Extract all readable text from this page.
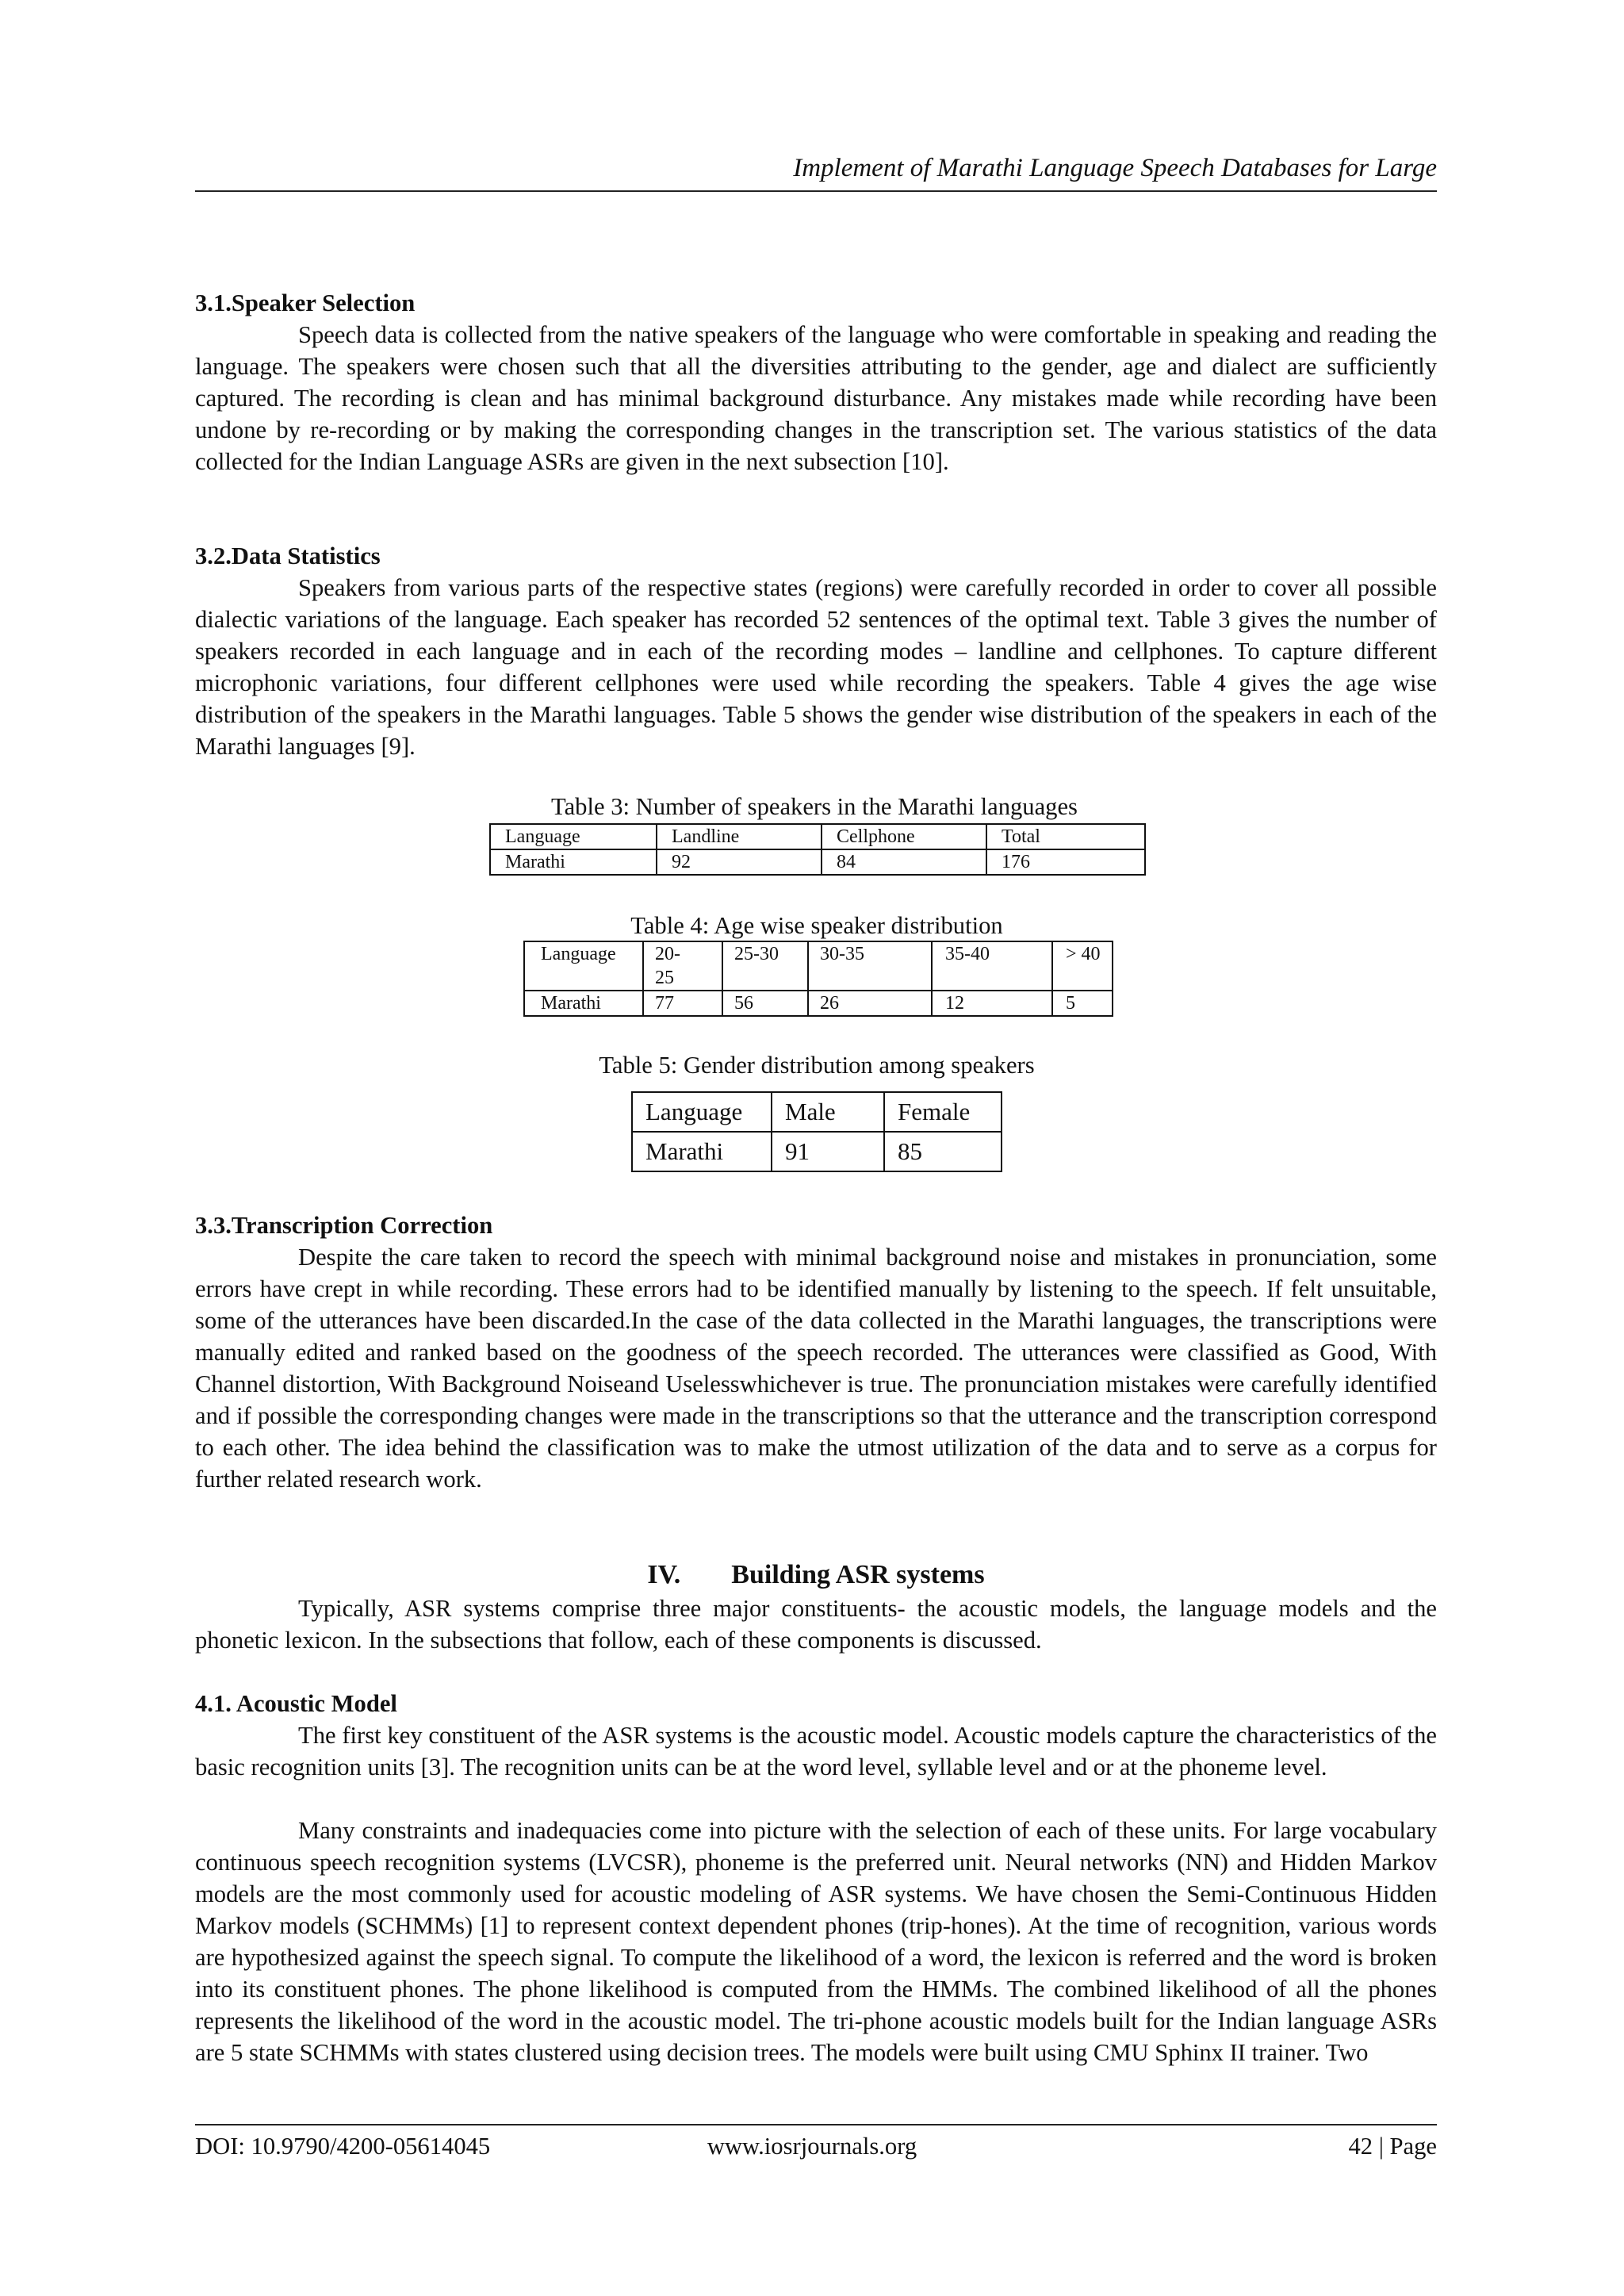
Implement of Marathi Language Speech Databases for Large
3.1.Speaker Selection
Speech data is collected from the native speakers of the language who were comfortable in speaking and reading the language. The speakers were chosen such that all the diversities attributing to the gender, age and dialect are sufficiently captured. The recording is clean and has minimal background disturbance. Any mistakes made while recording have been undone by re-recording or by making the corresponding changes in the transcription set. The various statistics of the data collected for the Indian Language ASRs are given in the next subsection [10].
3.2.Data Statistics
Speakers from various parts of the respective states (regions) were carefully recorded in order to cover all possible dialectic variations of the language. Each speaker has recorded 52 sentences of the optimal text. Table 3 gives the number of speakers recorded in each language and in each of the recording modes – landline and cellphones. To capture different microphonic variations, four different cellphones were used while recording the speakers. Table 4 gives the age wise distribution of the speakers in the Marathi languages. Table 5 shows the gender wise distribution of the speakers in each of the Marathi languages [9].
Table 3: Number of speakers in the Marathi languages
Language	Landline	Cellphone	Total
Marathi	92	84	176
Table 4: Age wise speaker distribution
Language	20-25	25-30	30-35	35-40	> 40
Marathi	77	56	26	12	5
Table 5: Gender distribution among speakers
Language	Male	Female
Marathi	91	85
3.3.Transcription Correction
Despite the care taken to record the speech with minimal background noise and mistakes in pronunciation, some errors have crept in while recording. These errors had to be identified manually by listening to the speech. If felt unsuitable, some of the utterances have been discarded.In the case of the data collected in the Marathi languages, the transcriptions were manually edited and ranked based on the goodness of the speech recorded. The utterances were classified as Good, With Channel distortion, With Background Noiseand Uselesswhichever is true. The pronunciation mistakes were carefully identified and if possible the corresponding changes were made in the transcriptions so that the utterance and the transcription correspond to each other. The idea behind the classification was to make the utmost utilization of the data and to serve as a corpus for further related research work.
IV. Building ASR systems
Typically, ASR systems comprise three major constituents- the acoustic models, the language models and the phonetic lexicon. In the subsections that follow, each of these components is discussed.
4.1. Acoustic Model
The first key constituent of the ASR systems is the acoustic model. Acoustic models capture the characteristics of the basic recognition units [3]. The recognition units can be at the word level, syllable level and or at the phoneme level.
Many constraints and inadequacies come into picture with the selection of each of these units. For large vocabulary continuous speech recognition systems (LVCSR), phoneme is the preferred unit. Neural networks (NN) and Hidden Markov models are the most commonly used for acoustic modeling of ASR systems. We have chosen the Semi-Continuous Hidden Markov models (SCHMMs) [1] to represent context dependent phones (trip-hones). At the time of recognition, various words are hypothesized against the speech signal. To compute the likelihood of a word, the lexicon is referred and the word is broken into its constituent phones. The phone likelihood is computed from the HMMs. The combined likelihood of all the phones represents the likelihood of the word in the acoustic model. The tri-phone acoustic models built for the Indian language ASRs are 5 state SCHMMs with states clustered using decision trees. The models were built using CMU Sphinx II trainer. Two
DOI: 10.9790/4200-05614045	www.iosrjournals.org	42 | Page
